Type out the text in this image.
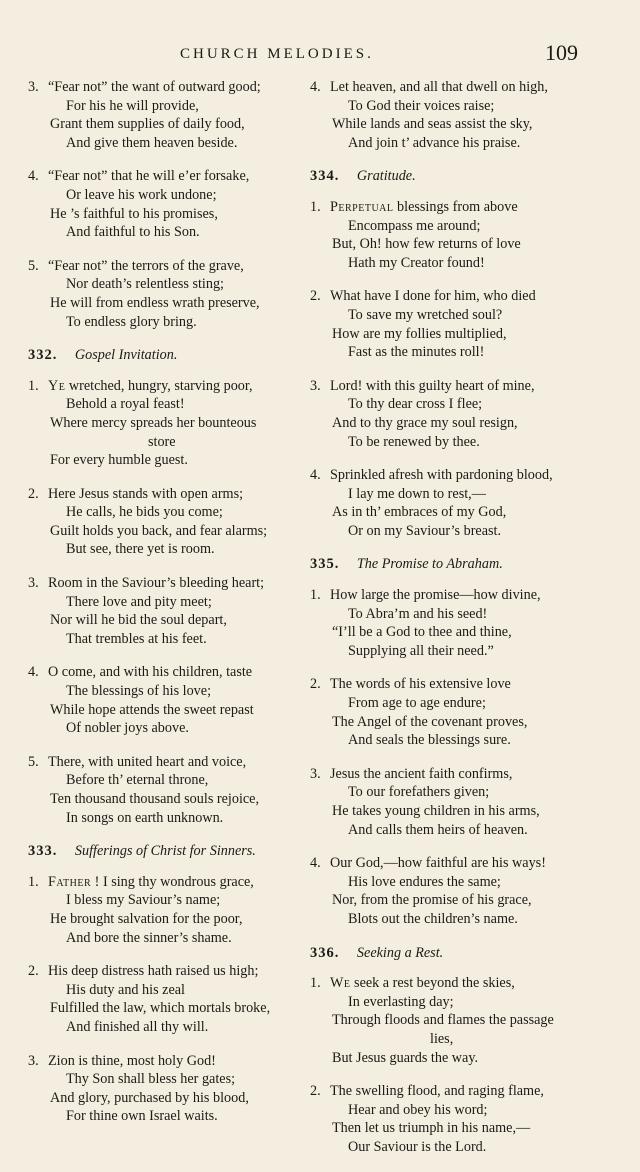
CHURCH MELODIES.	109
3. “Fear not” the want of outward good;
For his he will provide,
Grant them supplies of daily food,
And give them heaven beside.
4. “Fear not” that he will e’er forsake,
Or leave his work undone;
He ’s faithful to his promises,
And faithful to his Son.
5. “Fear not” the terrors of the grave,
Nor death’s relentless sting;
He will from endless wrath preserve,
To endless glory bring.
332. Gospel Invitation.
1. Ye wretched, hungry, starving poor,
Behold a royal feast!
Where mercy spreads her bounteous
store
For every humble guest.
2. Here Jesus stands with open arms;
He calls, he bids you come;
Guilt holds you back, and fear alarms;
But see, there yet is room.
3. Room in the Saviour’s bleeding heart;
There love and pity meet;
Nor will he bid the soul depart,
That trembles at his feet.
4. O come, and with his children, taste
The blessings of his love;
While hope attends the sweet repast
Of nobler joys above.
5. There, with united heart and voice,
Before th’ eternal throne,
Ten thousand thousand souls rejoice,
In songs on earth unknown.
333. Sufferings of Christ for Sinners.
1. Father ! I sing thy wondrous grace,
I bless my Saviour’s name;
He brought salvation for the poor,
And bore the sinner’s shame.
2. His deep distress hath raised us high;
His duty and his zeal
Fulfilled the law, which mortals broke,
And finished all thy will.
3. Zion is thine, most holy God!
Thy Son shall bless her gates;
And glory, purchased by his blood,
For thine own Israel waits.
4. Let heaven, and all that dwell on high,
To God their voices raise;
While lands and seas assist the sky,
And join t’ advance his praise.
334. Gratitude.
1. Perpetual blessings from above
Encompass me around;
But, Oh! how few returns of love
Hath my Creator found!
2. What have I done for him, who died
To save my wretched soul?
How are my follies multiplied,
Fast as the minutes roll!
3. Lord! with this guilty heart of mine,
To thy dear cross I flee;
And to thy grace my soul resign,
To be renewed by thee.
4. Sprinkled afresh with pardoning blood,
I lay me down to rest,—
As in th’ embraces of my God,
Or on my Saviour’s breast.
335. The Promise to Abraham.
1. How large the promise—how divine,
To Abra’m and his seed!
“I’ll be a God to thee and thine,
Supplying all their need.”
2. The words of his extensive love
From age to age endure;
The Angel of the covenant proves,
And seals the blessings sure.
3. Jesus the ancient faith confirms,
To our forefathers given;
He takes young children in his arms,
And calls them heirs of heaven.
4. Our God,—how faithful are his ways!
His love endures the same;
Nor, from the promise of his grace,
Blots out the children’s name.
336. Seeking a Rest.
1. We seek a rest beyond the skies,
In everlasting day;
Through floods and flames the passage
lies,
But Jesus guards the way.
2. The swelling flood, and raging flame,
Hear and obey his word;
Then let us triumph in his name,—
Our Saviour is the Lord.
